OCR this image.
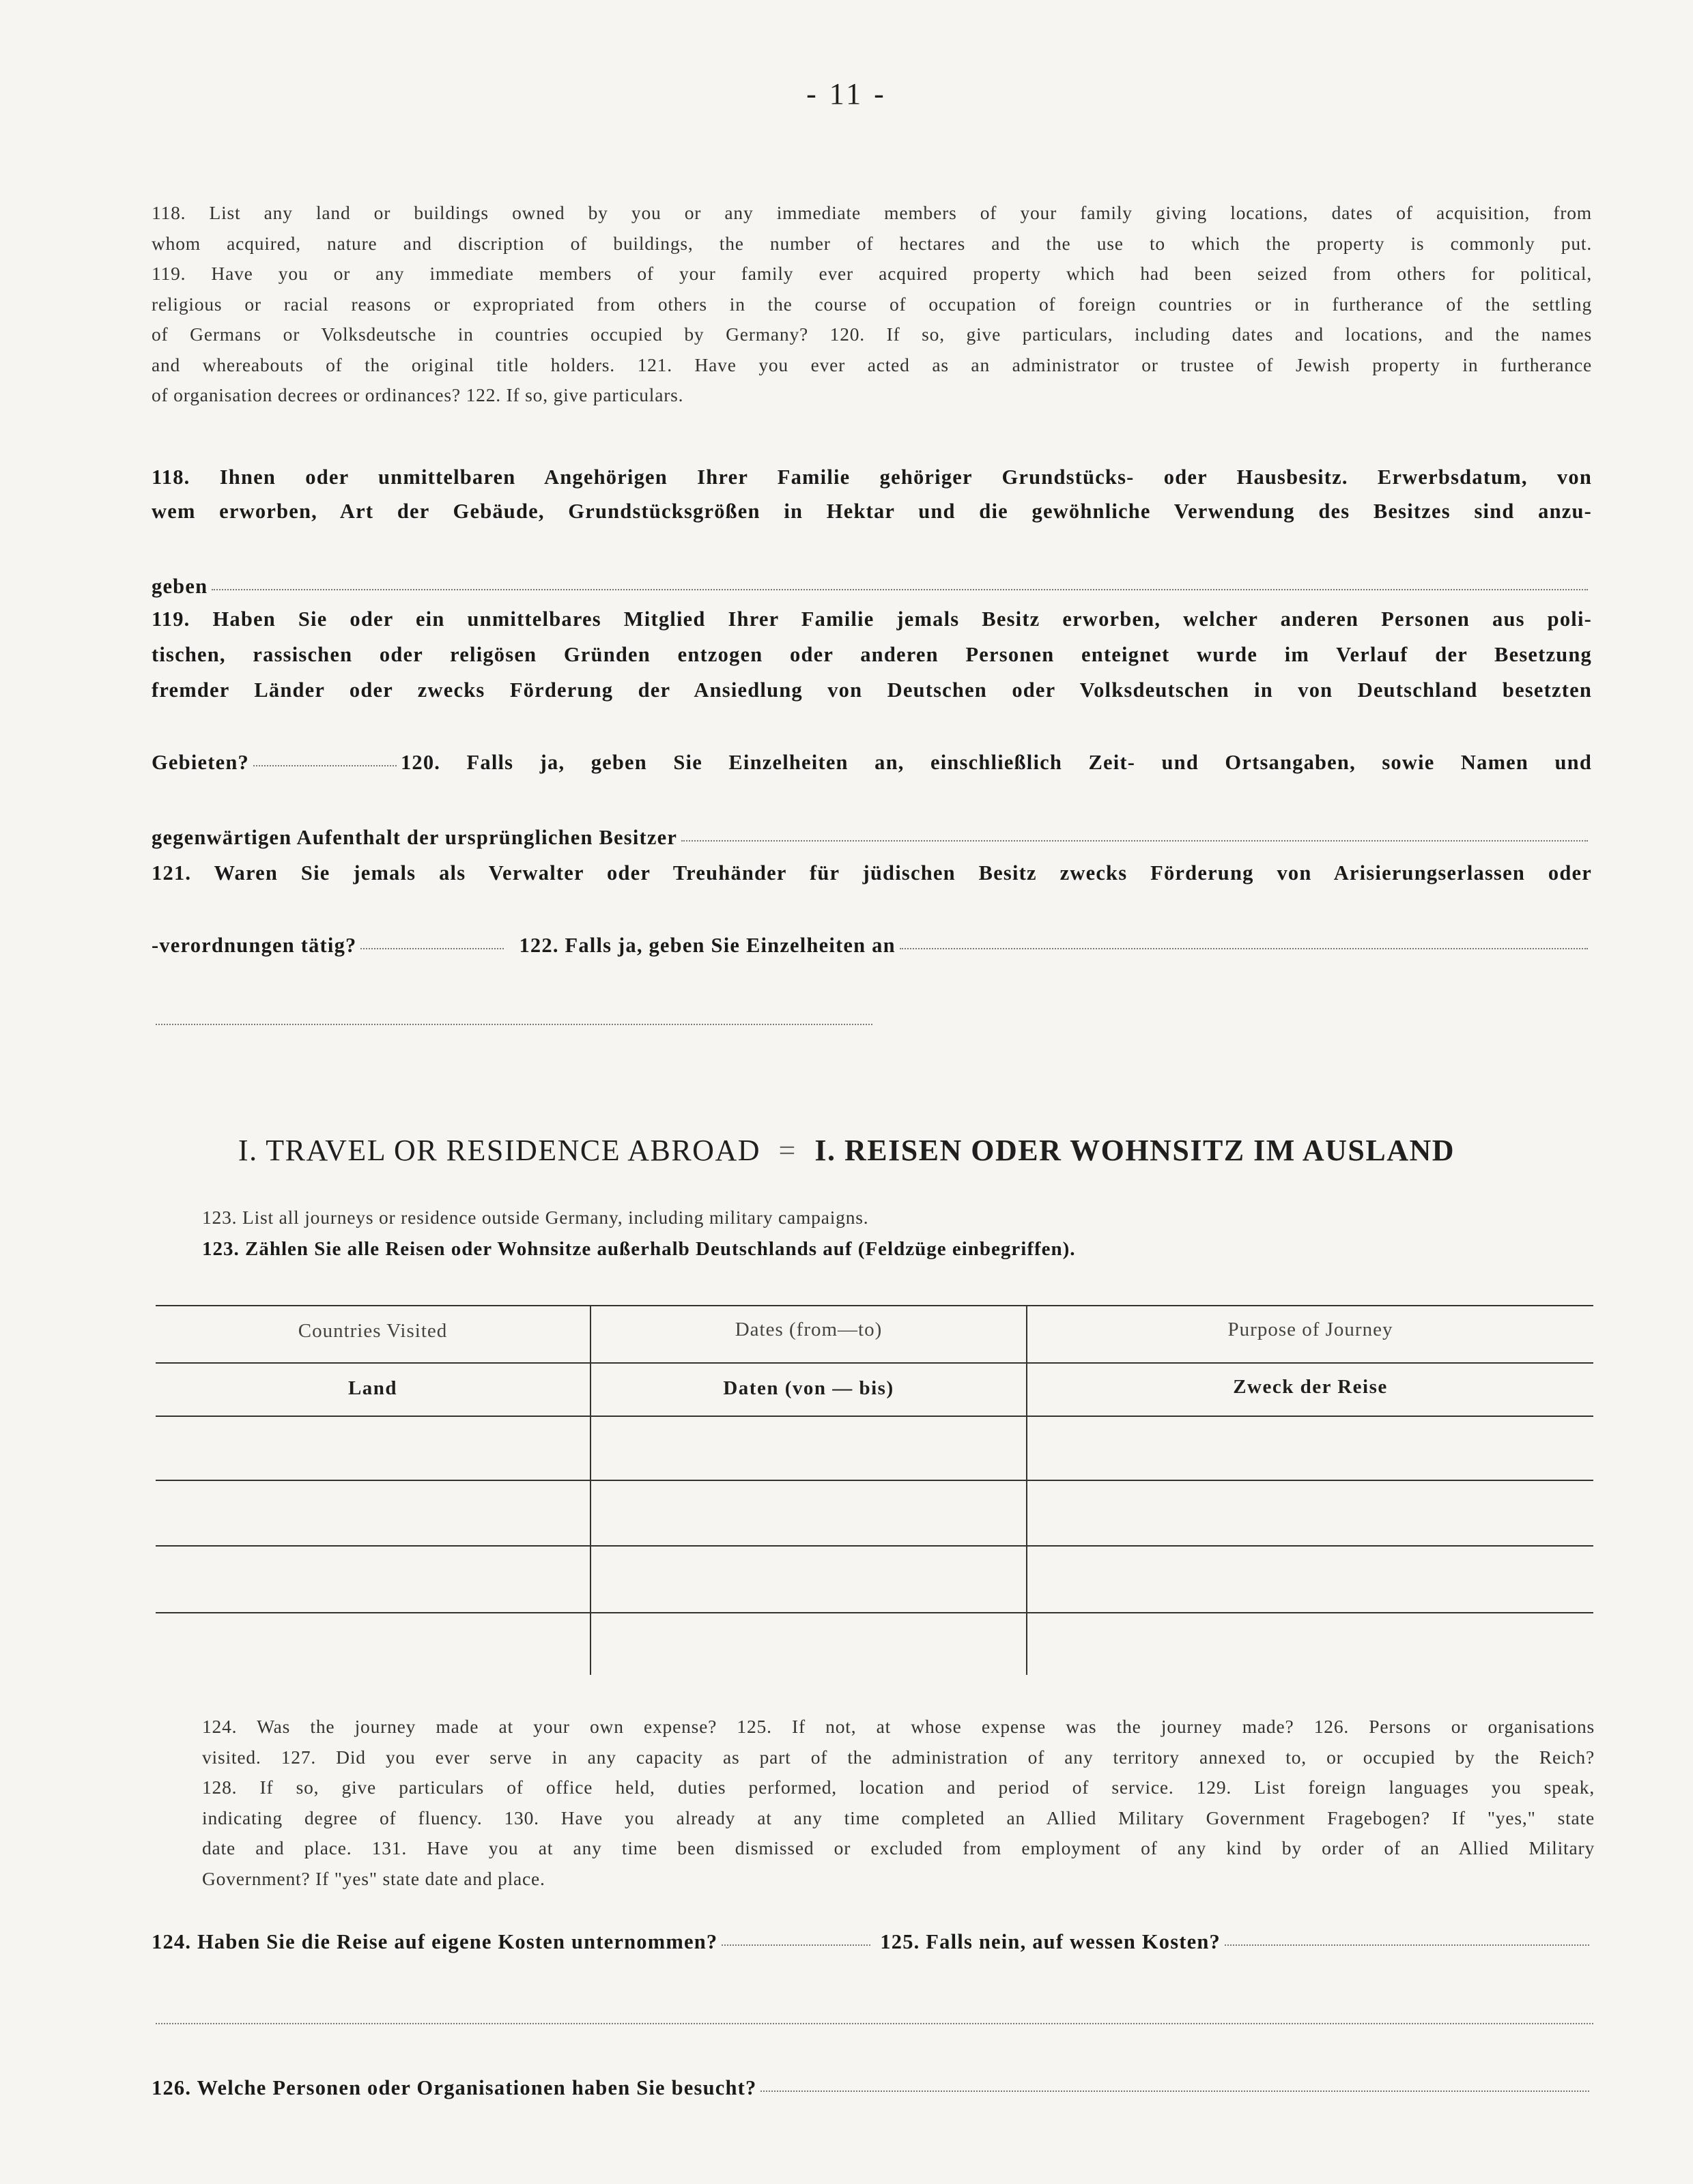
- 11 -
118. List any land or buildings owned by you or any immediate members of your family giving locations, dates of acquisition, from
whom acquired, nature and discription of buildings, the number of hectares and the use to which the property is commonly put.
119. Have you or any immediate members of your family ever acquired property which had been seized from others for political,
religious or racial reasons or expropriated from others in the course of occupation of foreign countries or in furtherance of the settling
of Germans or Volksdeutsche in countries occupied by Germany? 120. If so, give particulars, including dates and locations, and the names
and whereabouts of the original title holders. 121. Have you ever acted as an administrator or trustee of Jewish property in furtherance
of organisation decrees or ordinances? 122. If so, give particulars.
118. Ihnen oder unmittelbaren Angehörigen Ihrer Familie gehöriger Grundstücks- oder Hausbesitz. Erwerbsdatum, von
wem erworben, Art der Gebäude, Grundstücksgrößen in Hektar und die gewöhnliche Verwendung des Besitzes sind anzu-
geben
119. Haben Sie oder ein unmittelbares Mitglied Ihrer Familie jemals Besitz erworben, welcher anderen Personen aus poli-
tischen, rassischen oder religösen Gründen entzogen oder anderen Personen enteignet wurde im Verlauf der Besetzung
fremder Länder oder zwecks Förderung der Ansiedlung von Deutschen oder Volksdeutschen in von Deutschland besetzten
Gebieten?	120. Falls ja, geben Sie Einzelheiten an, einschließlich Zeit- und Ortsangaben, sowie Namen und
gegenwärtigen Aufenthalt der ursprünglichen Besitzer
121. Waren Sie jemals als Verwalter oder Treuhänder für jüdischen Besitz zwecks Förderung von Arisierungserlassen oder
-verordnungen tätig?	122. Falls ja, geben Sie Einzelheiten an
I. TRAVEL OR RESIDENCE ABROAD = I. REISEN ODER WOHNSITZ IM AUSLAND
123. List all journeys or residence outside Germany, including military campaigns.
123. Zählen Sie alle Reisen oder Wohnsitze außerhalb Deutschlands auf (Feldzüge einbegriffen).
Countries Visited	Dates (from—to)	Purpose of Journey
Land	Daten (von — bis)	Zweck der Reise
124. Was the journey made at your own expense? 125. If not, at whose expense was the journey made? 126. Persons or organisations
visited. 127. Did you ever serve in any capacity as part of the administration of any territory annexed to, or occupied by the Reich?
128. If so, give particulars of office held, duties performed, location and period of service. 129. List foreign languages you speak,
indicating degree of fluency. 130. Have you already at any time completed an Allied Military Government Fragebogen? If "yes," state
date and place. 131. Have you at any time been dismissed or excluded from employment of any kind by order of an Allied Military
Government? If "yes" state date and place.
124. Haben Sie die Reise auf eigene Kosten unternommen?	125. Falls nein, auf wessen Kosten?
126. Welche Personen oder Organisationen haben Sie besucht?
